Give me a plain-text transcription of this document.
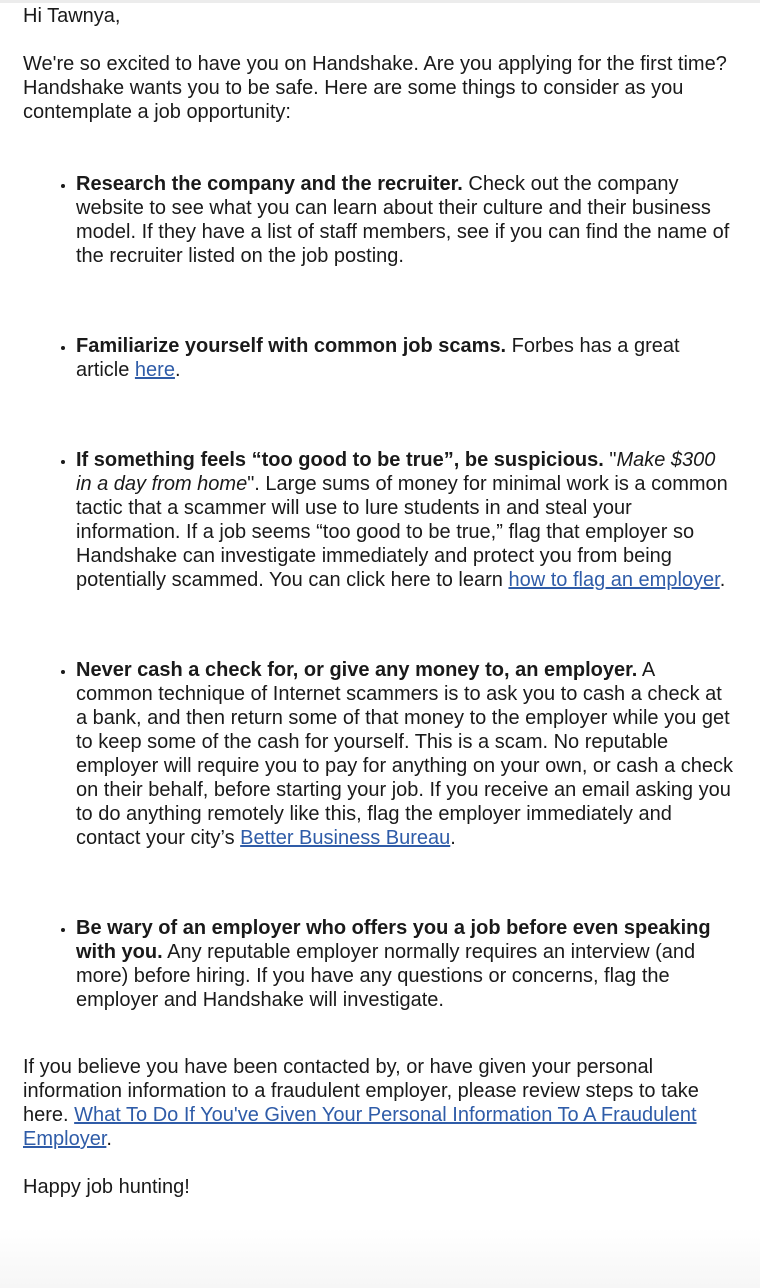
Hi Tawnya,

We're so excited to have you on Handshake. Are you applying for the first time? Handshake wants you to be safe. Here are some things to consider as you contemplate a job opportunity:

• Research the company and the recruiter. Check out the company website to see what you can learn about their culture and their business model. If they have a list of staff members, see if you can find the name of the recruiter listed on the job posting.
• Familiarize yourself with common job scams. Forbes has a great article here.
• If something feels “too good to be true”, be suspicious. "Make $300 in a day from home". Large sums of money for minimal work is a common tactic that a scammer will use to lure students in and steal your information. If a job seems “too good to be true,” flag that employer so Handshake can investigate immediately and protect you from being potentially scammed. You can click here to learn how to flag an employer.
• Never cash a check for, or give any money to, an employer. A common technique of Internet scammers is to ask you to cash a check at a bank, and then return some of that money to the employer while you get to keep some of the cash for yourself. This is a scam. No reputable employer will require you to pay for anything on your own, or cash a check on their behalf, before starting your job. If you receive an email asking you to do anything remotely like this, flag the employer immediately and contact your city’s Better Business Bureau.
• Be wary of an employer who offers you a job before even speaking with you. Any reputable employer normally requires an interview (and more) before hiring. If you have any questions or concerns, flag the employer and Handshake will investigate.

If you believe you have been contacted by, or have given your personal information information to a fraudulent employer, please review steps to take here. What To Do If You've Given Your Personal Information To A Fraudulent Employer.

Happy job hunting!
